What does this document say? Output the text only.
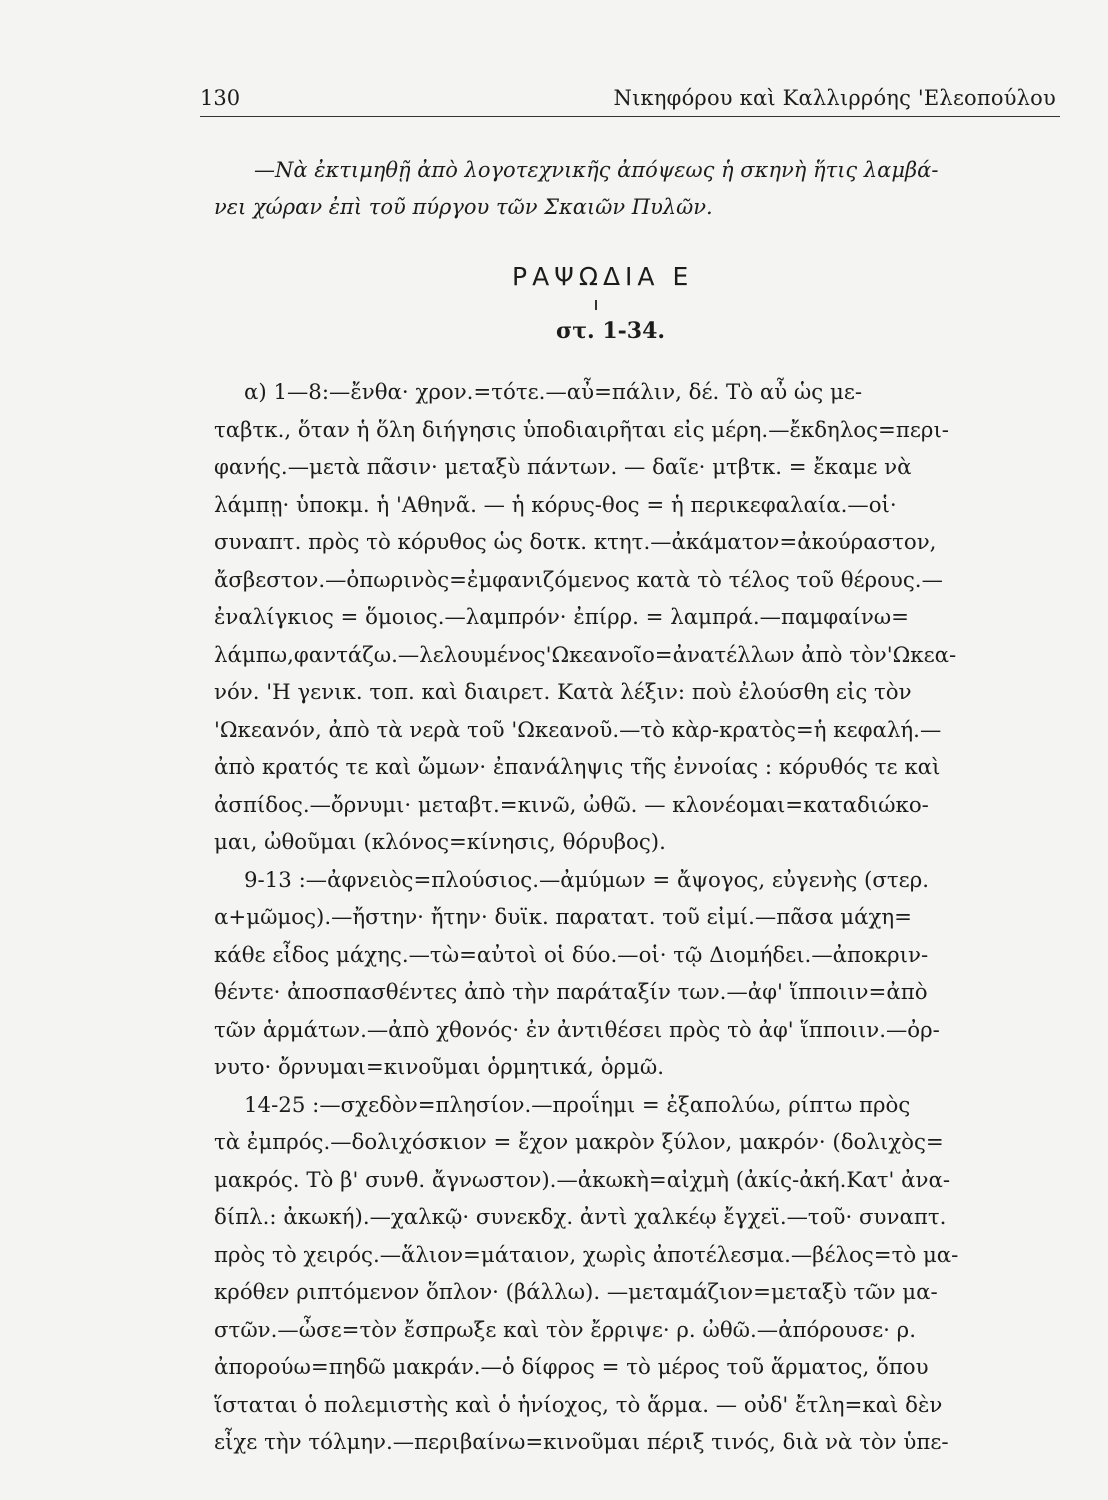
130	Νικηφόρου καὶ Καλλιρρόης 'Ελεοπούλου
—Νὰ ἐκτιμηθῇ ἀπὸ λογοτεχνικῆς ἀπόψεως ἡ σκηνὴ ἥτις λαμβά-
νει χώραν ἐπὶ τοῦ πύργου τῶν Σκαιῶν Πυλῶν.
ΡΑΨΩΔΙΑ Ε
στ. 1-34.
α) 1—8:—ἔνθα· χρον.=τότε.—αὖ=πάλιν, δέ. Τὸ αὖ ὡς με-
ταβτκ., ὅταν ἡ ὅλη διήγησις ὑποδιαιρῆται εἰς μέρη.—ἔκδηλος=περι-
φανής.—μετὰ πᾶσιν· μεταξὺ πάντων. — δαῖε· μτβτκ. = ἔκαμε νὰ
λάμπῃ· ὑποκμ. ἡ 'Αθηνᾶ. — ἡ κόρυς-θος = ἡ περικεφαλαία.—οἱ·
συναπτ. πρὸς τὸ κόρυθος ὡς δοτκ. κτητ.—ἀκάματον=ἀκούραστον,
ἄσβεστον.—ὀπωρινὸς=ἐμφανιζόμενος κατὰ τὸ τέλος τοῦ θέρους.—
ἐναλίγκιος = ὅμοιος.—λαμπρόν· ἐπίρρ. = λαμπρά.—παμφαίνω=
λάμπω,φαντάζω.—λελουμένος'Ωκεανοῖο=ἀνατέλλων ἀπὸ τὸν'Ωκεα-
νόν. 'Η γενικ. τοπ. καὶ διαιρετ. Κατὰ λέξιν: ποὺ ἐλούσθη εἰς τὸν
'Ωκεανόν, ἀπὸ τὰ νερὰ τοῦ 'Ωκεανοῦ.—τὸ κὰρ-κρατὸς=ἡ κεφαλή.—
ἀπὸ κρατός τε καὶ ὤμων· ἐπανάληψις τῆς ἐννοίας : κόρυθός τε καὶ
ἀσπίδος.—ὄρνυμι· μεταβτ.=κινῶ, ὠθῶ. — κλονέομαι=καταδιώκο-
μαι, ὠθοῦμαι (κλόνος=κίνησις, θόρυβος).
9-13 :—ἀφνειὸς=πλούσιος.—ἀμύμων = ἄψογος, εὐγενὴς (στερ.
α+μῶμος).—ἤστην· ἤτην· δυϊκ. παρατατ. τοῦ εἰμί.—πᾶσα μάχη=
κάθε εἶδος μάχης.—τὼ=αὐτοὶ οἱ δύο.—οἱ· τῷ Διομήδει.—ἀποκριν-
θέντε· ἀποσπασθέντες ἀπὸ τὴν παράταξίν των.—ἀφ' ἵπποιιν=ἀπὸ
τῶν ἁρμάτων.—ἀπὸ χθονός· ἐν ἀντιθέσει πρὸς τὸ ἀφ' ἵπποιιν.—ὀρ-
νυτο· ὄρνυμαι=κινοῦμαι ὁρμητικά, ὁρμῶ.
14-25 :—σχεδὸν=πλησίον.—προΐημι = ἐξαπολύω, ρίπτω πρὸς
τὰ ἐμπρός.—δολιχόσκιον = ἔχον μακρὸν ξύλον, μακρόν· (δολιχὸς=
μακρός. Τὸ β' συνθ. ἄγνωστον).—ἀκωκὴ=αἰχμὴ (ἀκίς-ἀκή.Κατ' ἀνα-
δίπλ.: ἀκωκή).—χαλκῷ· συνεκδχ. ἀντὶ χαλκέῳ ἔγχεϊ.—τοῦ· συναπτ.
πρὸς τὸ χειρός.—ἅλιον=μάταιον, χωρὶς ἀποτέλεσμα.—βέλος=τὸ μα-
κρόθεν ριπτόμενον ὅπλον· (βάλλω). —μεταμάζιον=μεταξὺ τῶν μα-
στῶν.—ὦσε=τὸν ἔσπρωξε καὶ τὸν ἔρριψε· ρ. ὠθῶ.—ἀπόρουσε· ρ.
ἀπορούω=πηδῶ μακράν.—ὁ δίφρος = τὸ μέρος τοῦ ἅρματος, ὅπου
ἵσταται ὁ πολεμιστὴς καὶ ὁ ἡνίοχος, τὸ ἅρμα. — οὐδ' ἔτλη=καὶ δὲν
εἶχε τὴν τόλμην.—περιβαίνω=κινοῦμαι πέριξ τινός, διὰ νὰ τὸν ὑπε-
